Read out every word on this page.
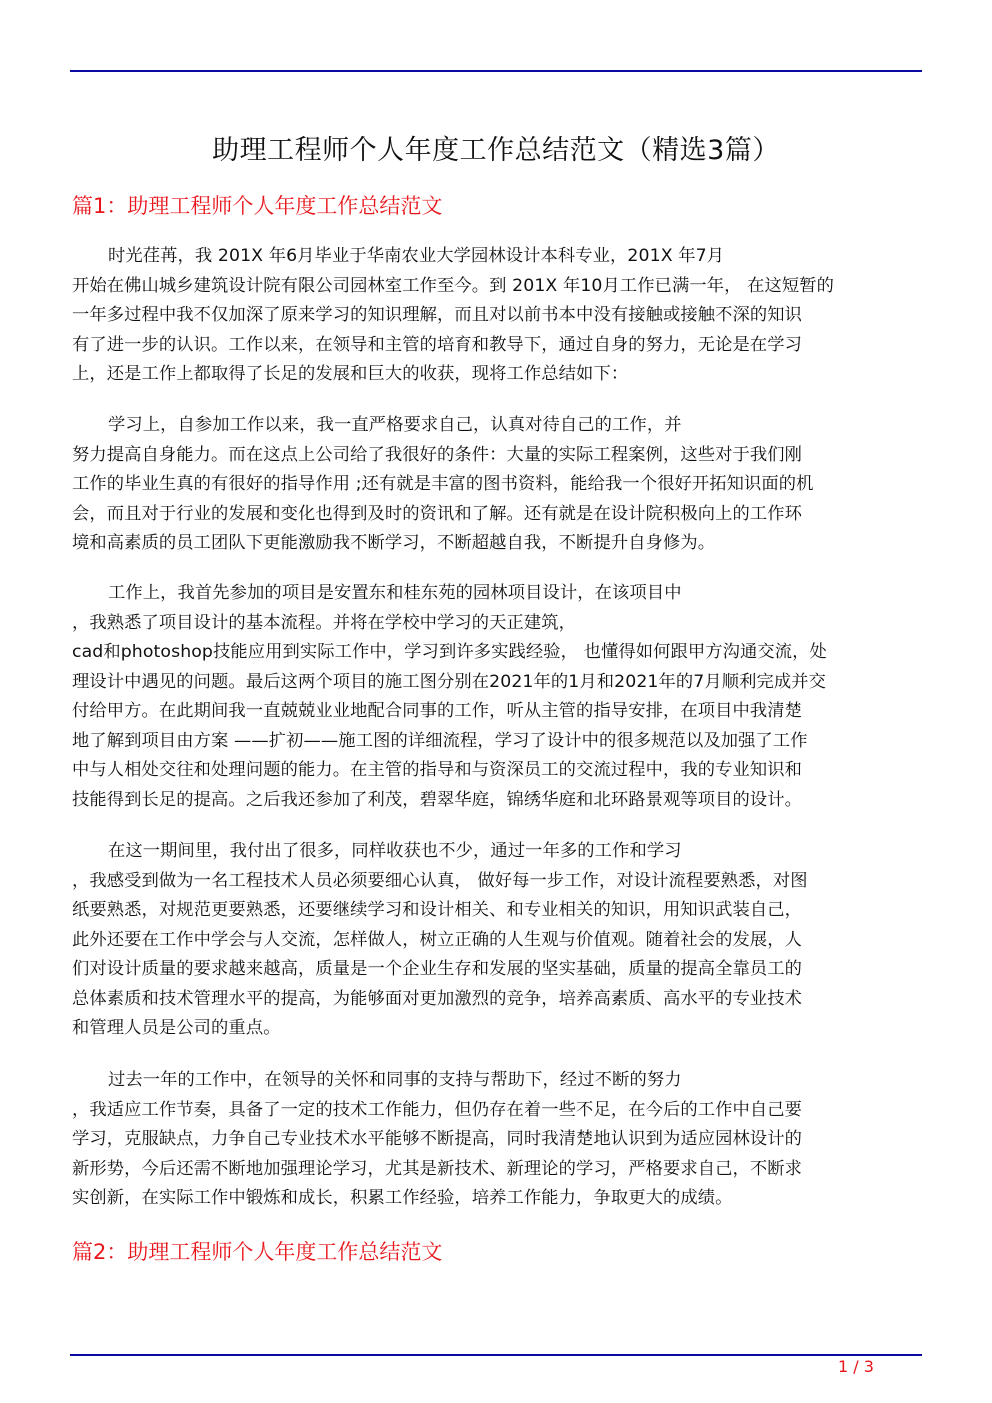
助理工程师个人年度工作总结范文（精选3篇）
篇1：助理工程师个人年度工作总结范文
时光荏苒，我 201X 年6月毕业于华南农业大学园林设计本科专业，201X 年7月
开始在佛山城乡建筑设计院有限公司园林室工作至今。到 201X 年10月工作已满一年， 在这短暂的
一年多过程中我不仅加深了原来学习的知识理解，而且对以前书本中没有接触或接触不深的知识
有了进一步的认识。工作以来，在领导和主管的培育和教导下，通过自身的努力，无论是在学习
上，还是工作上都取得了长足的发展和巨大的收获，现将工作总结如下：
学习上，自参加工作以来，我一直严格要求自己，认真对待自己的工作，并
努力提高自身能力。而在这点上公司给了我很好的条件：大量的实际工程案例，这些对于我们刚
工作的毕业生真的有很好的指导作用 ;还有就是丰富的图书资料，能给我一个很好开拓知识面的机
会，而且对于行业的发展和变化也得到及时的资讯和了解。还有就是在设计院积极向上的工作环
境和高素质的员工团队下更能激励我不断学习，不断超越自我，不断提升自身修为。
工作上，我首先参加的项目是安置东和桂东苑的园林项目设计，在该项目中
，我熟悉了项目设计的基本流程。并将在学校中学习的天正建筑，
cad和photoshop技能应用到实际工作中，学习到许多实践经验， 也懂得如何跟甲方沟通交流，处
理设计中遇见的问题。最后这两个项目的施工图分别在2021年的1月和2021年的7月顺利完成并交
付给甲方。在此期间我一直兢兢业业地配合同事的工作，听从主管的指导安排，在项目中我清楚
地了解到项目由方案 ——扩初——施工图的详细流程，学习了设计中的很多规范以及加强了工作
中与人相处交往和处理问题的能力。在主管的指导和与资深员工的交流过程中，我的专业知识和
技能得到长足的提高。之后我还参加了利茂，碧翠华庭，锦绣华庭和北环路景观等项目的设计。
在这一期间里，我付出了很多，同样收获也不少，通过一年多的工作和学习
，我感受到做为一名工程技术人员必须要细心认真， 做好每一步工作，对设计流程要熟悉，对图
纸要熟悉，对规范更要熟悉，还要继续学习和设计相关、和专业相关的知识，用知识武装自己，
此外还要在工作中学会与人交流，怎样做人，树立正确的人生观与价值观。随着社会的发展，人
们对设计质量的要求越来越高，质量是一个企业生存和发展的坚实基础，质量的提高全靠员工的
总体素质和技术管理水平的提高，为能够面对更加激烈的竞争，培养高素质、高水平的专业技术
和管理人员是公司的重点。
过去一年的工作中，在领导的关怀和同事的支持与帮助下，经过不断的努力
，我适应工作节奏，具备了一定的技术工作能力，但仍存在着一些不足，在今后的工作中自己要
学习，克服缺点，力争自己专业技术水平能够不断提高，同时我清楚地认识到为适应园林设计的
新形势，今后还需不断地加强理论学习，尤其是新技术、新理论的学习，严格要求自己，不断求
实创新，在实际工作中锻炼和成长，积累工作经验，培养工作能力，争取更大的成绩。
篇2：助理工程师个人年度工作总结范文
1 / 3
